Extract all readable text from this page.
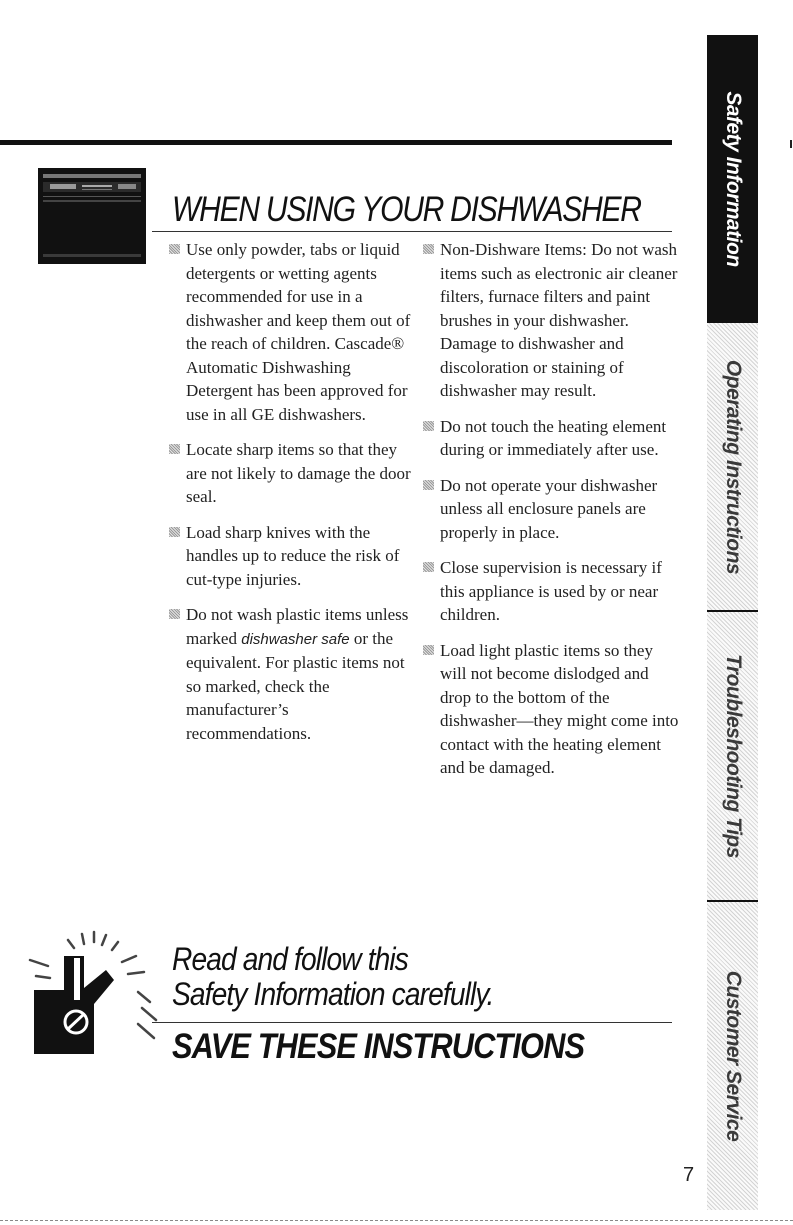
WHEN USING YOUR DISHWASHER
Use only powder, tabs or liquid detergents or wetting agents recommended for use in a dishwasher and keep them out of the reach of children. Cascade® Automatic Dishwashing Detergent has been approved for use in all GE dishwashers.
Locate sharp items so that they are not likely to damage the door seal.
Load sharp knives with the handles up to reduce the risk of cut-type injuries.
Do not wash plastic items unless marked dishwasher safe or the equivalent. For plastic items not so marked, check the manufacturer’s recommendations.
Non-Dishware Items: Do not wash items such as electronic air cleaner filters, furnace filters and paint brushes in your dishwasher. Damage to dishwasher and discoloration or staining of dishwasher may result.
Do not touch the heating element during or immediately after use.
Do not operate your dishwasher unless all enclosure panels are properly in place.
Close supervision is necessary if this appliance is used by or near children.
Load light plastic items so they will not become dislodged and drop to the bottom of the dishwasher—they might come into contact with the heating element and be damaged.
Safety Information
Operating Instructions
Troubleshooting Tips
Customer Service

Read and follow this

Safety Information carefully.

SAVE THESE INSTRUCTIONS

7
